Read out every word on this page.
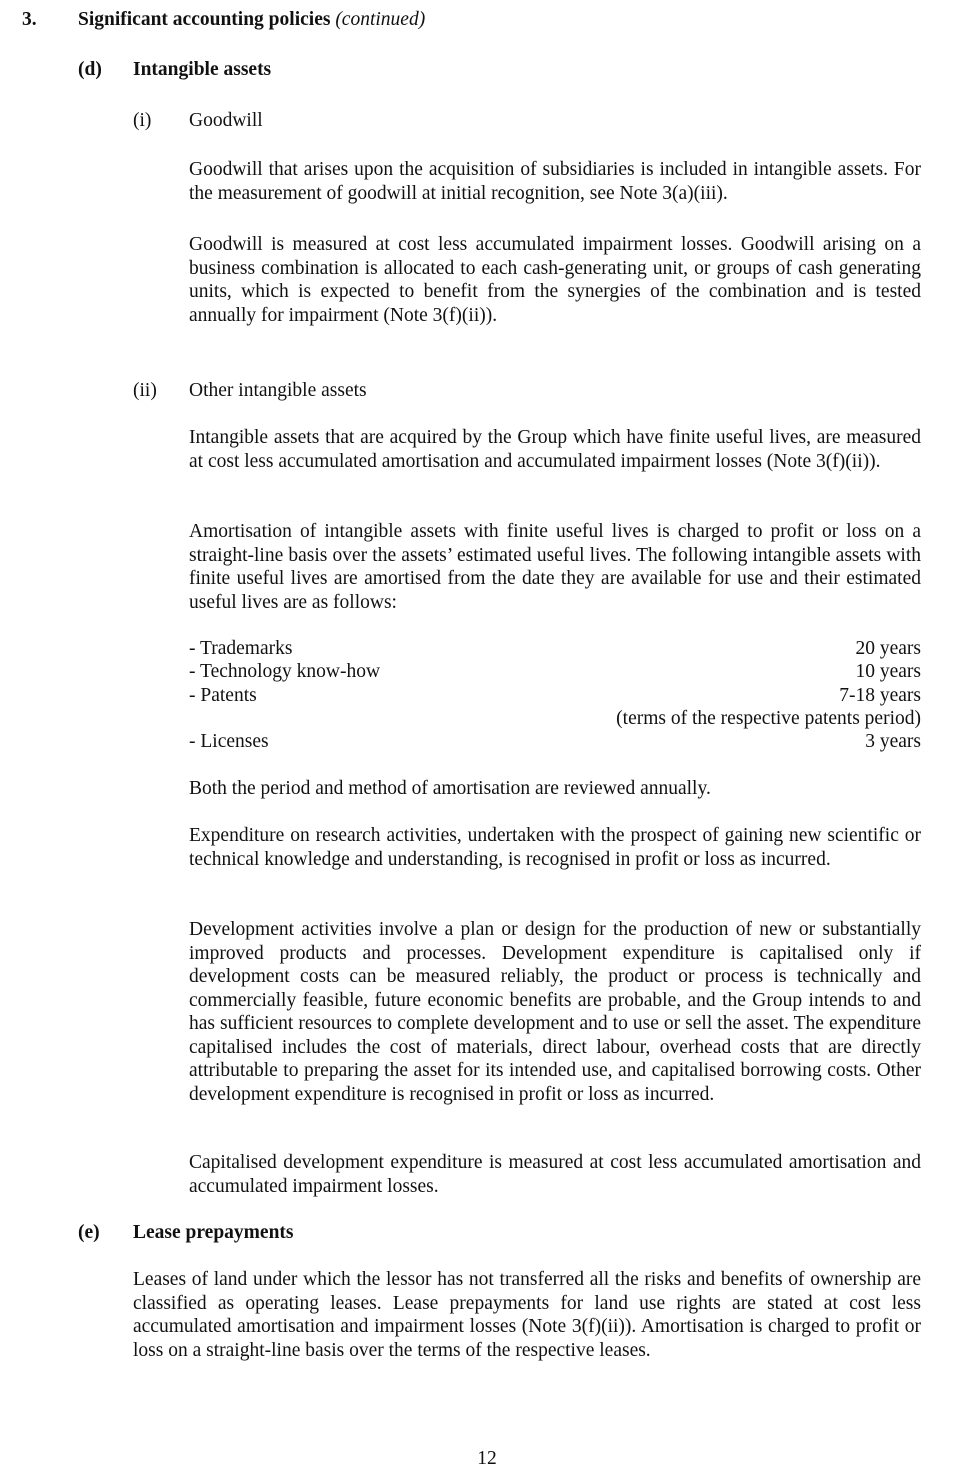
3. Significant accounting policies (continued)
(d) Intangible assets
(i) Goodwill

Goodwill that arises upon the acquisition of subsidiaries is included in intangible assets. For the measurement of goodwill at initial recognition, see Note 3(a)(iii).

Goodwill is measured at cost less accumulated impairment losses. Goodwill arising on a business combination is allocated to each cash-generating unit, or groups of cash generating units, which is expected to benefit from the synergies of the combination and is tested annually for impairment (Note 3(f)(ii)).

(ii) Other intangible assets

Intangible assets that are acquired by the Group which have finite useful lives, are measured at cost less accumulated amortisation and accumulated impairment losses (Note 3(f)(ii)).

Amortisation of intangible assets with finite useful lives is charged to profit or loss on a straight-line basis over the assets’ estimated useful lives. The following intangible assets with finite useful lives are amortised from the date they are available for use and their estimated useful lives are as follows:

- Trademarks	20 years
- Technology know-how	10 years
- Patents	7-18 years
(terms of the respective patents period)
- Licenses	3 years

Both the period and method of amortisation are reviewed annually.

Expenditure on research activities, undertaken with the prospect of gaining new scientific or technical knowledge and understanding, is recognised in profit or loss as incurred.

Development activities involve a plan or design for the production of new or substantially improved products and processes. Development expenditure is capitalised only if development costs can be measured reliably, the product or process is technically and commercially feasible, future economic benefits are probable, and the Group intends to and has sufficient resources to complete development and to use or sell the asset. The expenditure capitalised includes the cost of materials, direct labour, overhead costs that are directly attributable to preparing the asset for its intended use, and capitalised borrowing costs. Other development expenditure is recognised in profit or loss as incurred.

Capitalised development expenditure is measured at cost less accumulated amortisation and accumulated impairment losses.

(e) Lease prepayments

Leases of land under which the lessor has not transferred all the risks and benefits of ownership are classified as operating leases. Lease prepayments for land use rights are stated at cost less accumulated amortisation and impairment losses (Note 3(f)(ii)). Amortisation is charged to profit or loss on a straight-line basis over the terms of the respective leases.

12
